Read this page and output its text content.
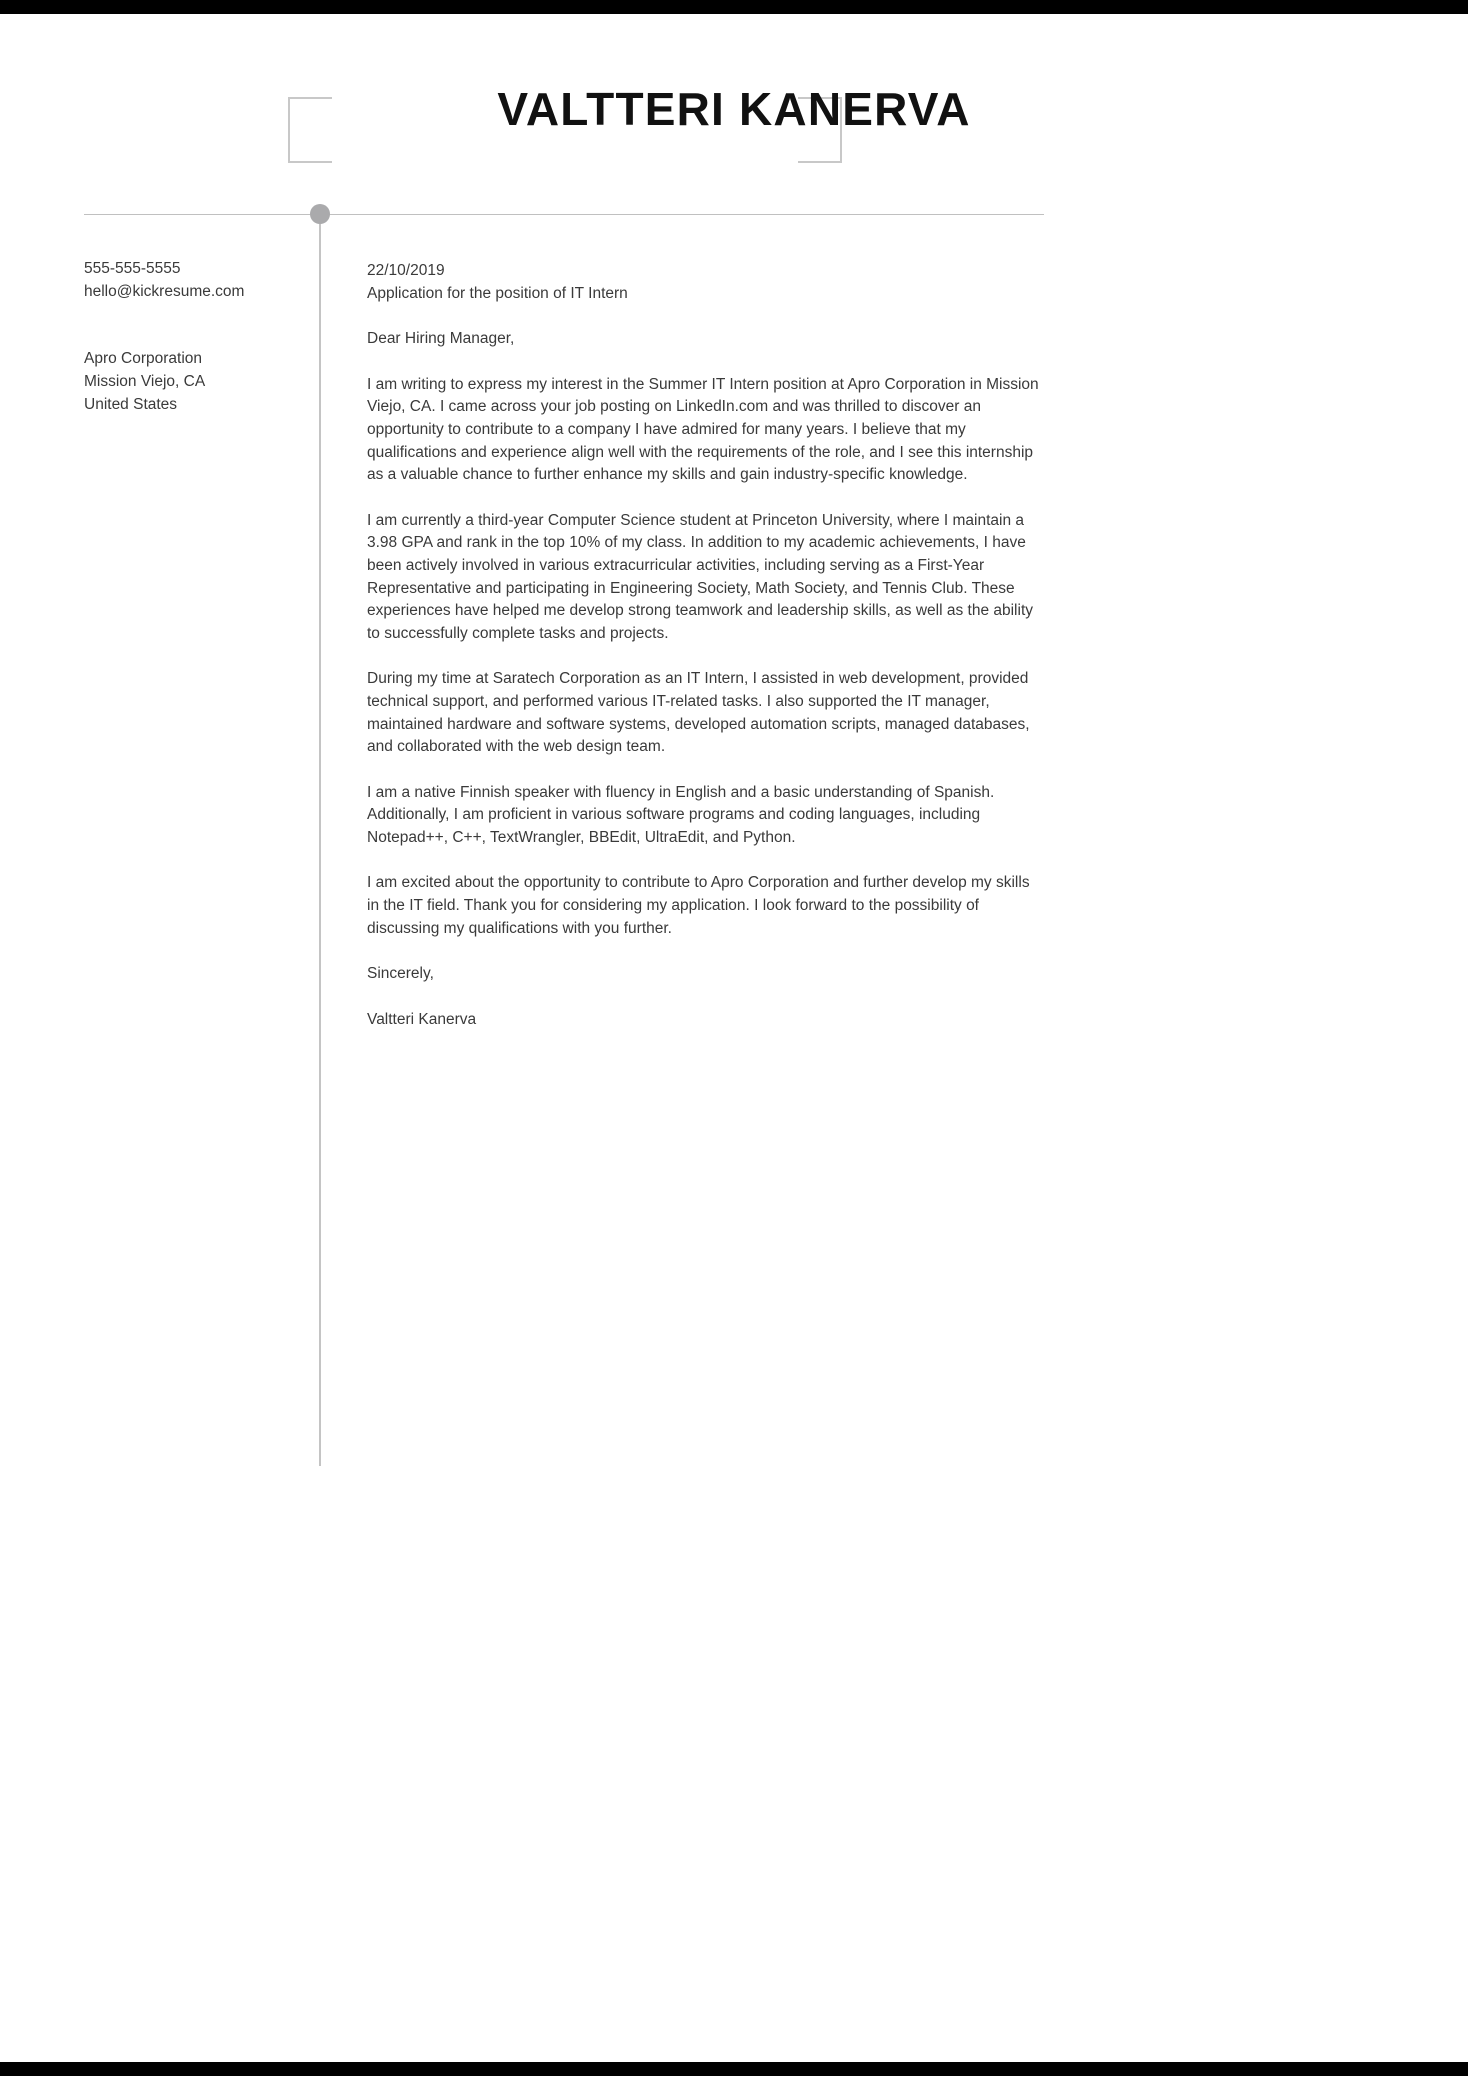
VALTTERI KANERVA
555-555-5555
hello@kickresume.com
Apro Corporation
Mission Viejo, CA
United States
22/10/2019
Application for the position of IT Intern
Dear Hiring Manager,
I am writing to express my interest in the Summer IT Intern position at Apro Corporation in Mission Viejo, CA. I came across your job posting on LinkedIn.com and was thrilled to discover an opportunity to contribute to a company I have admired for many years. I believe that my qualifications and experience align well with the requirements of the role, and I see this internship as a valuable chance to further enhance my skills and gain industry-specific knowledge.
I am currently a third-year Computer Science student at Princeton University, where I maintain a 3.98 GPA and rank in the top 10% of my class. In addition to my academic achievements, I have been actively involved in various extracurricular activities, including serving as a First-Year Representative and participating in Engineering Society, Math Society, and Tennis Club. These experiences have helped me develop strong teamwork and leadership skills, as well as the ability to successfully complete tasks and projects.
During my time at Saratech Corporation as an IT Intern, I assisted in web development, provided technical support, and performed various IT-related tasks. I also supported the IT manager, maintained hardware and software systems, developed automation scripts, managed databases, and collaborated with the web design team.
I am a native Finnish speaker with fluency in English and a basic understanding of Spanish. Additionally, I am proficient in various software programs and coding languages, including Notepad++, C++, TextWrangler, BBEdit, UltraEdit, and Python.
I am excited about the opportunity to contribute to Apro Corporation and further develop my skills in the IT field. Thank you for considering my application. I look forward to the possibility of discussing my qualifications with you further.
Sincerely,
Valtteri Kanerva
